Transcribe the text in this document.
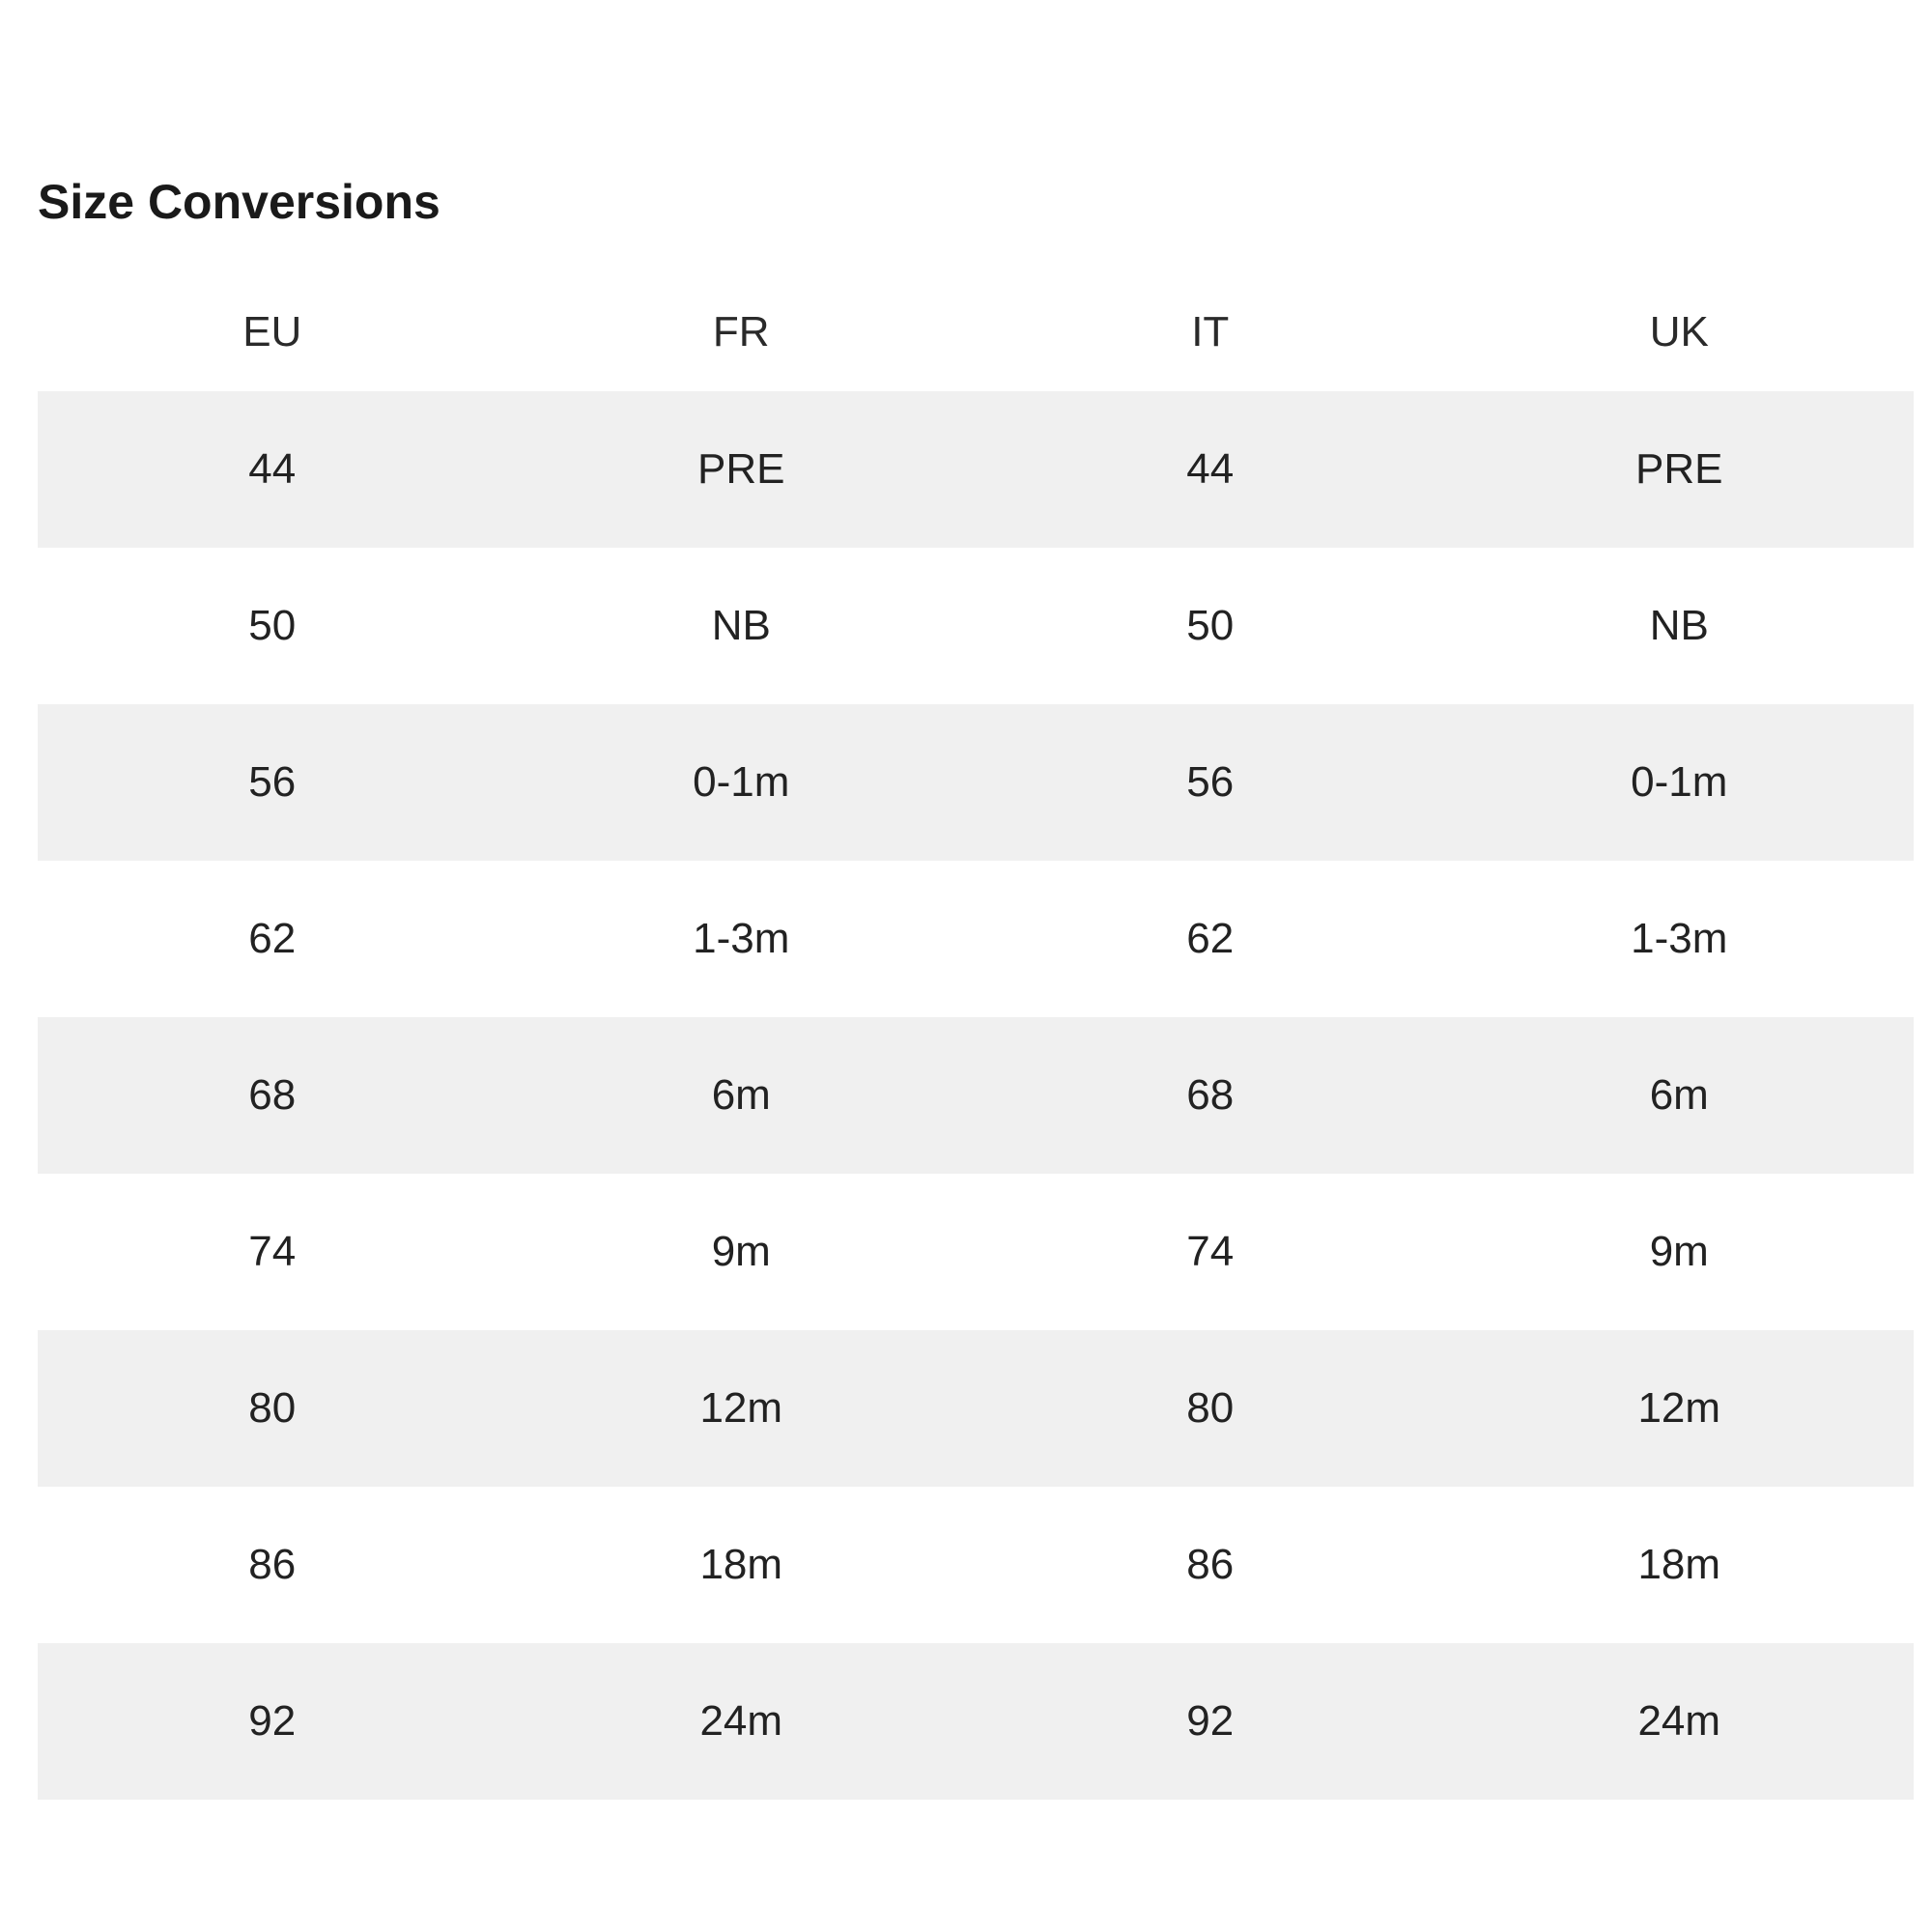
Size Conversions
EU	FR	IT	UK
44	PRE	44	PRE
50	NB	50	NB
56	0-1m	56	0-1m
62	1-3m	62	1-3m
68	6m	68	6m
74	9m	74	9m
80	12m	80	12m
86	18m	86	18m
92	24m	92	24m
